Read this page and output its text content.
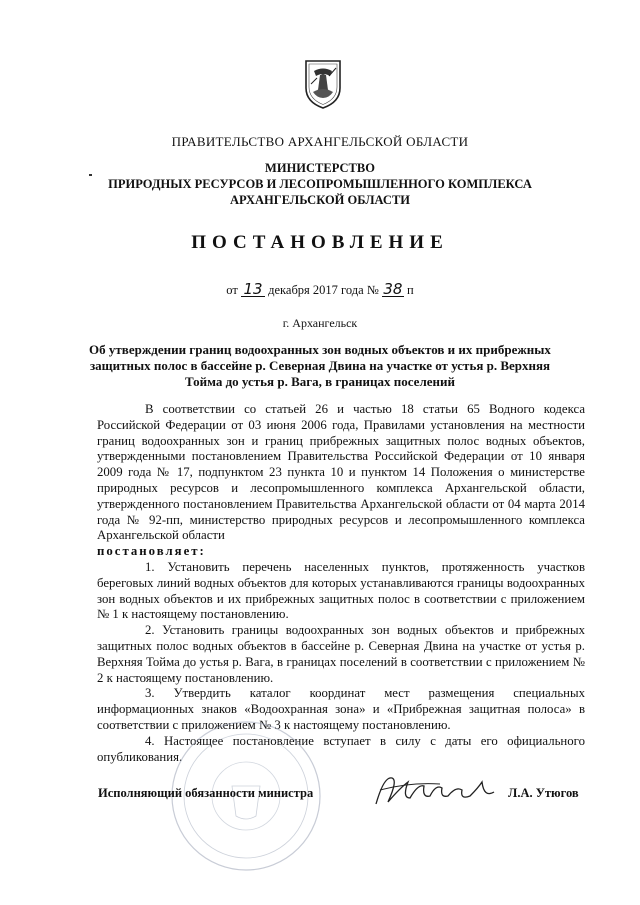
ПРАВИТЕЛЬСТВО АРХАНГЕЛЬСКОЙ ОБЛАСТИ
МИНИСТЕРСТВО
ПРИРОДНЫХ РЕСУРСОВ И ЛЕСОПРОМЫШЛЕННОГО КОМПЛЕКСА
АРХАНГЕЛЬСКОЙ ОБЛАСТИ
ПОСТАНОВЛЕНИЕ
от 13 декабря 2017 года № 38 п
г. Архангельск
Об утверждении границ водоохранных зон водных объектов и их прибрежных
защитных полос в бассейне р. Северная Двина на участке от устья р. Верхняя
Тойма до устья р. Вага, в границах поселений

В соответствии со статьей 26 и частью 18 статьи 65 Водного кодекса Российской Федерации от 03 июня 2006 года, Правилами установления на местности границ водоохранных зон и границ прибрежных защитных полос водных объектов, утвержденными постановлением Правительства Российской Федерации от 10 января 2009 года № 17, подпунктом 23 пункта 10 и пунктом 14 Положения о министерстве природных ресурсов и лесопромышленного комплекса Архангельской области, утвержденного постановлением Правительства Архангельской области от 04 марта 2014 года № 92-пп, министерство природных ресурсов и лесопромышленного комплекса Архангельской области

постановляет:

1. Установить перечень населенных пунктов, протяженность участков береговых линий водных объектов для которых устанавливаются границы водоохранных зон водных объектов и их прибрежных защитных полос в соответствии с приложением № 1 к настоящему постановлению.

2. Установить границы водоохранных зон водных объектов и прибрежных защитных полос водных объектов в бассейне р. Северная Двина на участке от устья р. Верхняя Тойма до устья р. Вага, в границах поселений в соответствии с приложением № 2 к настоящему постановлению.

3. Утвердить каталог координат мест размещения специальных информационных знаков «Водоохранная зона» и «Прибрежная защитная полоса» в соответствии с приложением № 3 к настоящему постановлению.

4. Настоящее постановление вступает в силу с даты его официального опубликования.

Исполняющий обязанности министра	Л.А. Утюгов
